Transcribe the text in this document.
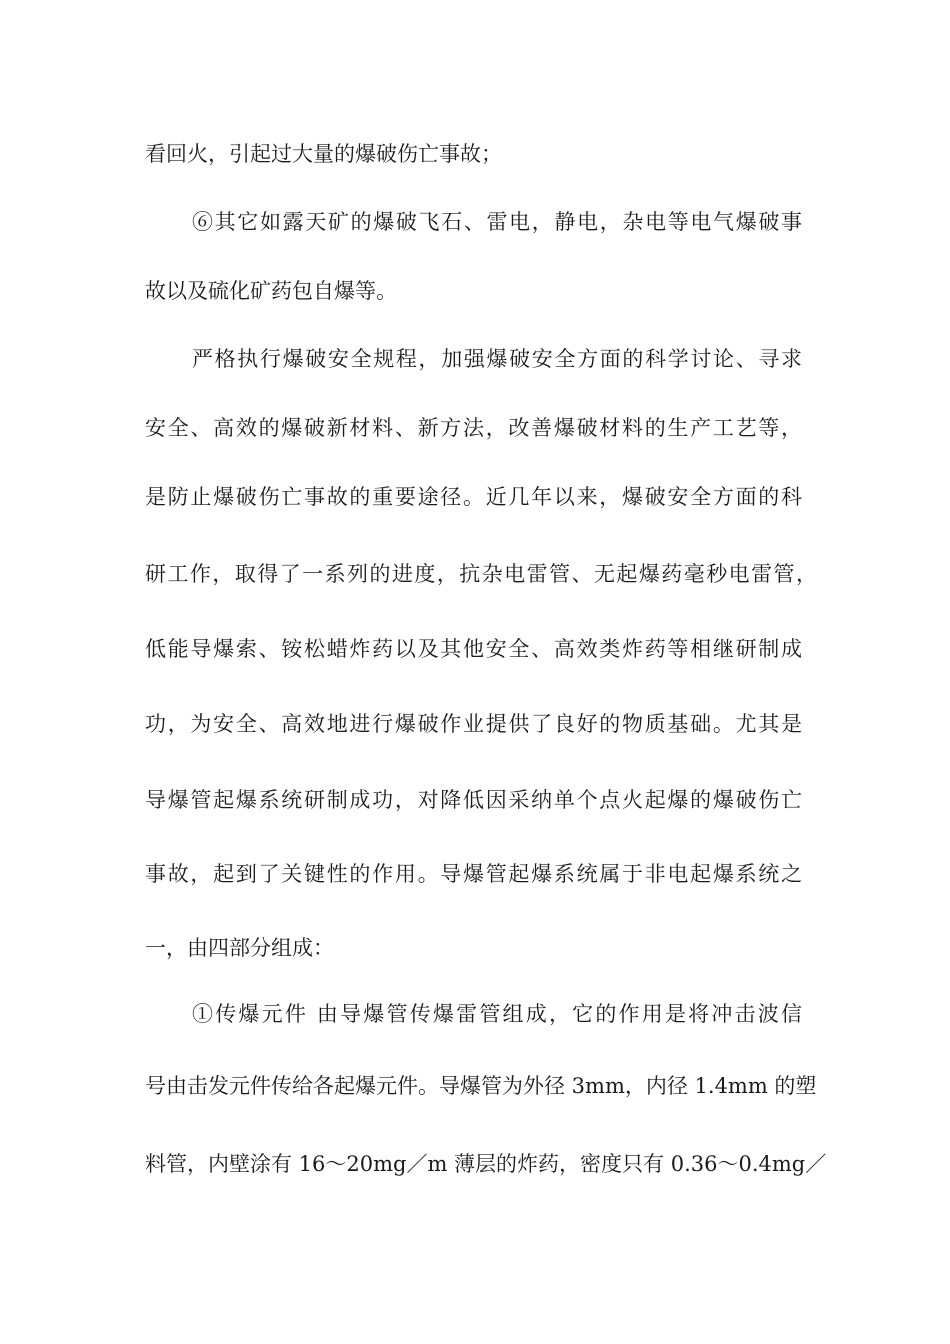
看回火，引起过大量的爆破伤亡事故；

⑥其它如露天矿的爆破飞石、雷电，静电，杂电等电气爆破事

故以及硫化矿药包自爆等。

严格执行爆破安全规程，加强爆破安全方面的科学讨论、寻求

安全、高效的爆破新材料、新方法，改善爆破材料的生产工艺等，

是防止爆破伤亡事故的重要途径。近几年以来，爆破安全方面的科

研工作，取得了一系列的进度，抗杂电雷管、无起爆药毫秒电雷管，

低能导爆索、铵松蜡炸药以及其他安全、高效类炸药等相继研制成

功，为安全、高效地进行爆破作业提供了良好的物质基础。尤其是

导爆管起爆系统研制成功，对降低因采纳单个点火起爆的爆破伤亡

事故，起到了关键性的作用。导爆管起爆系统属于非电起爆系统之

一，由四部分组成：

①传爆元件 由导爆管传爆雷管组成，它的作用是将冲击波信

号由击发元件传给各起爆元件。导爆管为外径 3mm，内径 1.4mm 的塑

料管，内壁涂有 16～20mg／m 薄层的炸药，密度只有 0.36～0.4mg／
